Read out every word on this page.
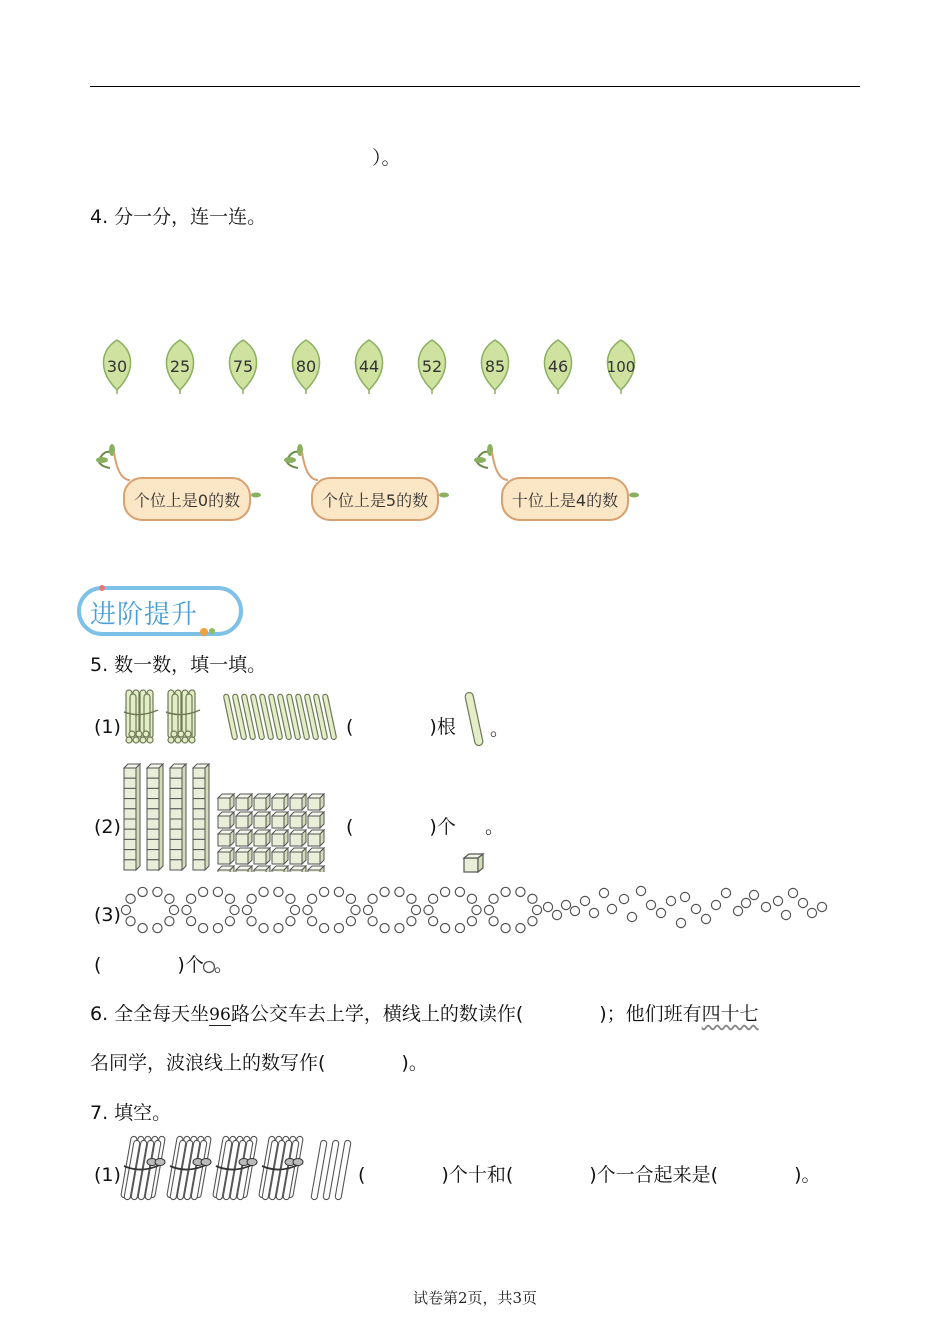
）。
4. 分一分，连一连。
30	25	75	80	44	52	85	46	100
个位上是0的数	个位上是5的数	十位上是4的数
进阶提升
5. 数一数，填一填。
(1)	(　　　　)根 。
(2)	(　　　　)个 。
(3)
(　　　　)个 。
6. 全全每天坐96路公交车去上学，横线上的数读作(　　　　)；他们班有四十七
名同学，波浪线上的数写作(　　　　)。
7. 填空。
(1)	(　　　　)个十和(　　　　)个一合起来是(　　　　)。
试卷第2页，共3页
